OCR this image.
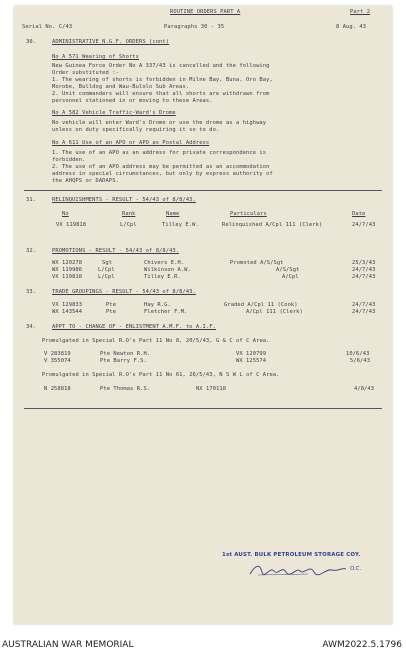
ROUTINE ORDERS PART A	Part 2
Serial No. C/43	Paragraphs 30 - 35	8 Aug. 43
30.	ADMINISTRATIVE N.G.F. ORDERS (cont)
No A 571 Wearing of Shorts
New Guinea Force Order No A 337/43 is cancelled and the following
Order substituted :-
1. The wearing of shorts is forbidden in Milne Bay, Buna, Oro Bay,
Morobe, Bulldog and Wau-Bulolo Sub Areas.
2. Unit commanders will ensure that all shorts are withdrawn from
personnel stationed in or moving to these Areas.
No A 582 Vehicle Traffic-Ward's Drome
No vehicle will enter Ward's Drome or use the drome as a highway
unless on duty specifically requiring it so to do.
No A 611 Use of an APO or APO as Postal Address
1. The use of an APO as an address for private correspondence is
forbidden.
2. The use of an APO address may be permitted as an accommodation
address in special circumstances, but only by express authority of
the AHQPS or DADAPS.
31.	RELINQUISHMENTS - RESULT - 54/43 of 8/8/43.
No	Rank	Name	Particulars	Date
VX 119818	L/Cpl	Tilley E.W.	Relinquished A/Cpl 111 (Clerk)	24/7/43
32.	PROMOTIONS - RESULT - 54/43 of 8/8/43.
WX 120278	Sgt	Chivers E.H.	Promoted A/S/Sgt	25/3/43
WX 119986	L/Cpl	Wilkinson A.W.	A/S/Sgt	24/7/43
VX 119818	L/Cpl	Tilley E.R.	A/Cpl	24/7/43
33.	TRADE GROUPINGS - RESULT - 54/43 of 8/8/43.
VX 129833	Pte	Hay R.G.	Graded A/Cpl 11 (Cook)	24/7/43
WX 143544	Pte	Fletcher F.M.	A/Cpl 111 (Clerk)	24/7/43
34.	APPT TO - CHANGE OF - ENLISTMENT A.M.F. to A.I.F.
Promulgated in Special R.O's Part 11 No 8, 20/5/43, G & C of C Area.
V 283819	Pte Newton R.H.	VX 120799	10/6/43
V 355074	Pte Barry F.S.	WX 125574	5/6/43
Promulgated in Special R.O's Part 11 No 61, 26/5/43, N S W L of C Area.
N 258818	Pte Thomas R.S.	NX 170118	4/8/43
1st AUST. BULK PETROLEUM STORAGE COY.
O.C.
AUSTRALIAN WAR MEMORIAL	AWM2022.5.1796
